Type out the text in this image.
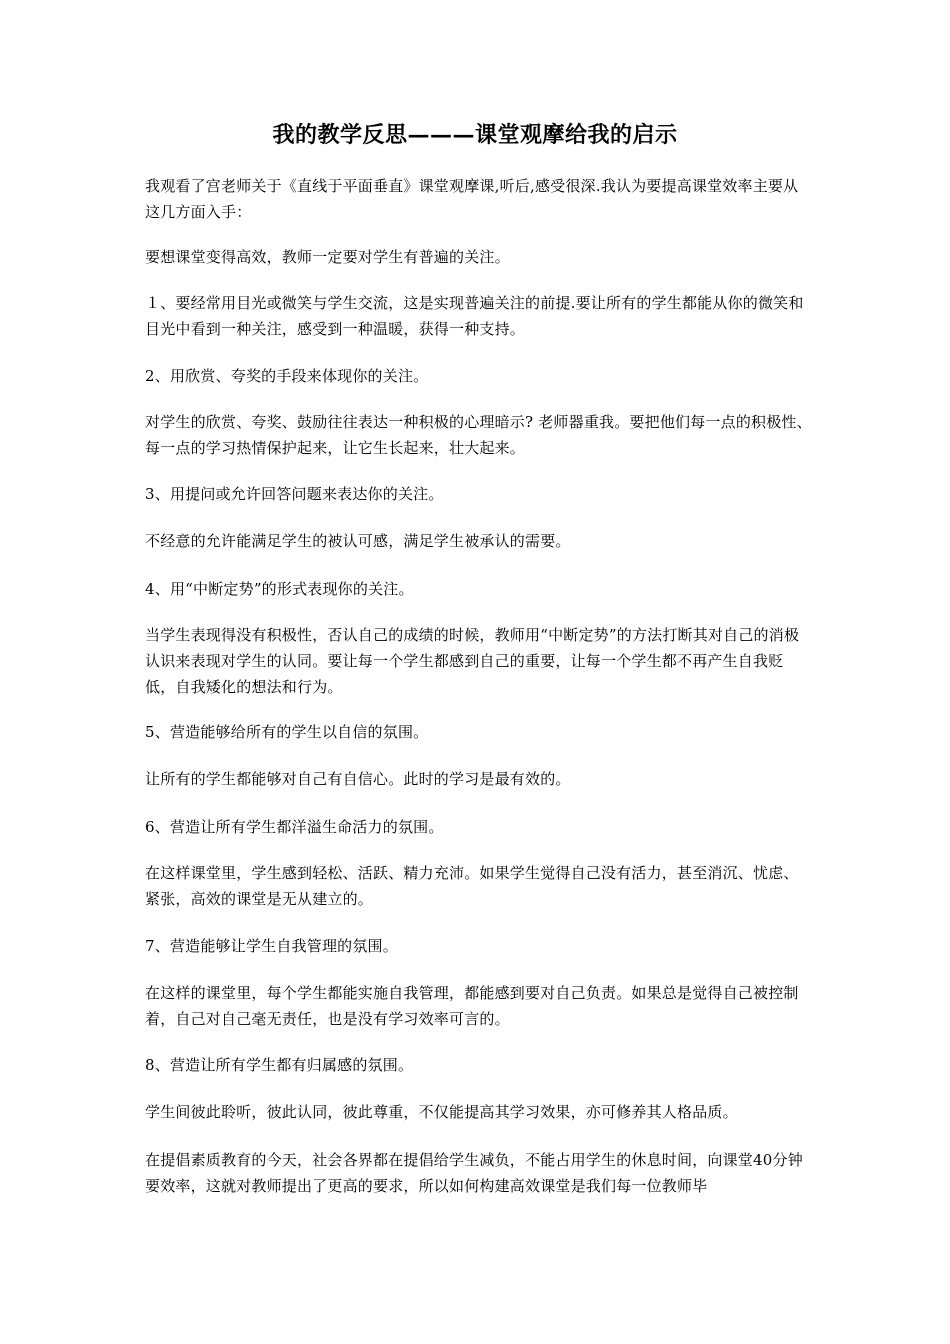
我的教学反思———课堂观摩给我的启示

我观看了宫老师关于《直线于平面垂直》课堂观摩课,听后,感受很深.我认为要提高课堂效率主要从这几方面入手：

要想课堂变得高效，教师一定要对学生有普遍的关注。

１、要经常用目光或微笑与学生交流，这是实现普遍关注的前提.要让所有的学生都能从你的微笑和目光中看到一种关注，感受到一种温暖，获得一种支持。

2、用欣赏、夸奖的手段来体现你的关注。

对学生的欣赏、夸奖、鼓励往往表达一种积极的心理暗示? 老师器重我。要把他们每一点的积极性、每一点的学习热情保护起来，让它生长起来，壮大起来。

3、用提问或允许回答问题来表达你的关注。

不经意的允许能满足学生的被认可感，满足学生被承认的需要。

4、用“中断定势”的形式表现你的关注。

当学生表现得没有积极性，否认自己的成绩的时候，教师用“中断定势”的方法打断其对自己的消极认识来表现对学生的认同。要让每一个学生都感到自己的重要，让每一个学生都不再产生自我贬低，自我矮化的想法和行为。

5、营造能够给所有的学生以自信的氛围。

让所有的学生都能够对自己有自信心。此时的学习是最有效的。

6、营造让所有学生都洋溢生命活力的氛围。

在这样课堂里，学生感到轻松、活跃、精力充沛。如果学生觉得自己没有活力，甚至消沉、忧虑、紧张，高效的课堂是无从建立的。

7、营造能够让学生自我管理的氛围。

在这样的课堂里，每个学生都能实施自我管理，都能感到要对自己负责。如果总是觉得自己被控制着，自己对自己毫无责任，也是没有学习效率可言的。

8、营造让所有学生都有归属感的氛围。

学生间彼此聆听，彼此认同，彼此尊重，不仅能提高其学习效果，亦可修养其人格品质。

在提倡素质教育的今天，社会各界都在提倡给学生减负，不能占用学生的休息时间，向课堂40分钟要效率，这就对教师提出了更高的要求，所以如何构建高效课堂是我们每一位教师毕
